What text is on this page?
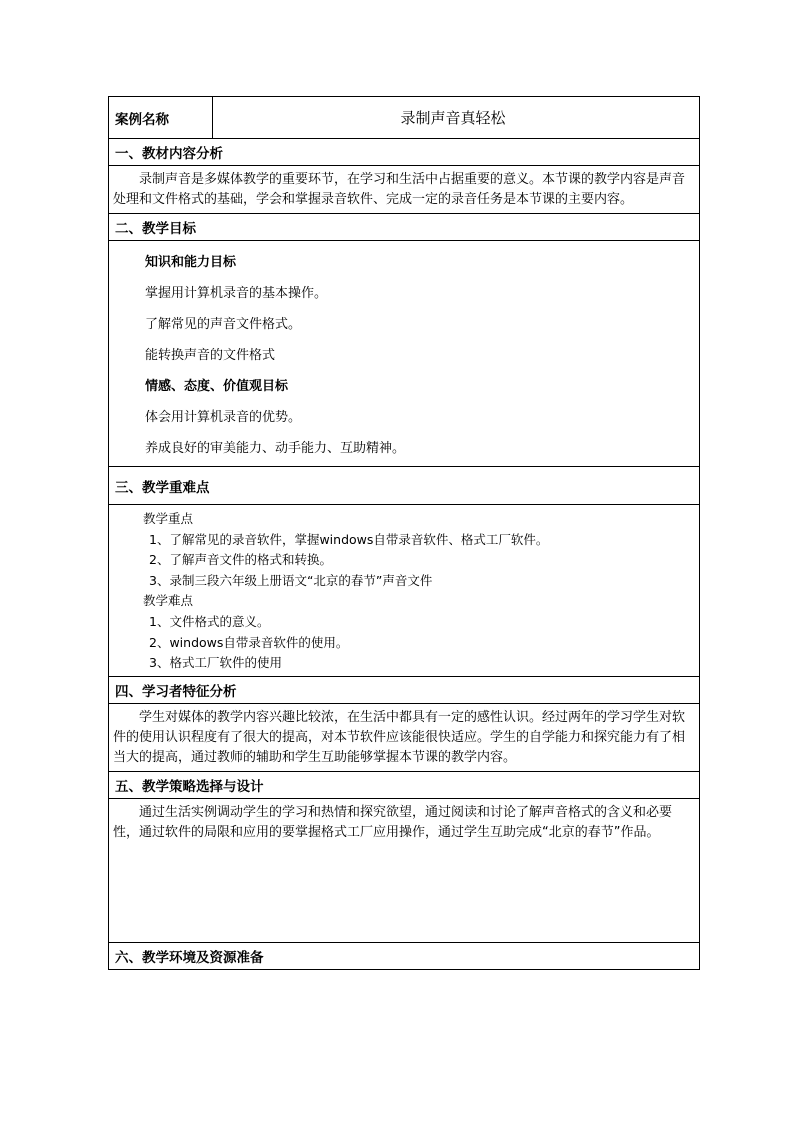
案例名称	录制声音真轻松
一、教材内容分析
录制声音是多媒体教学的重要环节，在学习和生活中占据重要的意义。本节课的教学内容是声音处理和文件格式的基础，学会和掌握录音软件、完成一定的录音任务是本节课的主要内容。
二、教学目标
知识和能力目标
掌握用计算机录音的基本操作。
了解常见的声音文件格式。
能转换声音的文件格式
情感、态度、价值观目标
体会用计算机录音的优势。
养成良好的审美能力、动手能力、互助精神。
三、教学重难点
教学重点
1、了解常见的录音软件，掌握windows自带录音软件、格式工厂软件。
2、了解声音文件的格式和转换。
3、录制三段六年级上册语文“北京的春节”声音文件
教学难点
1、文件格式的意义。
2、windows自带录音软件的使用。
3、格式工厂软件的使用
四、学习者特征分析
学生对媒体的教学内容兴趣比较浓，在生活中都具有一定的感性认识。经过两年的学习学生对软件的使用认识程度有了很大的提高，对本节软件应该能很快适应。学生的自学能力和探究能力有了相当大的提高，通过教师的辅助和学生互助能够掌握本节课的教学内容。
五、教学策略选择与设计
通过生活实例调动学生的学习和热情和探究欲望，通过阅读和讨论了解声音格式的含义和必要性，通过软件的局限和应用的要掌握格式工厂应用操作，通过学生互助完成“北京的春节”作品。
六、教学环境及资源准备
